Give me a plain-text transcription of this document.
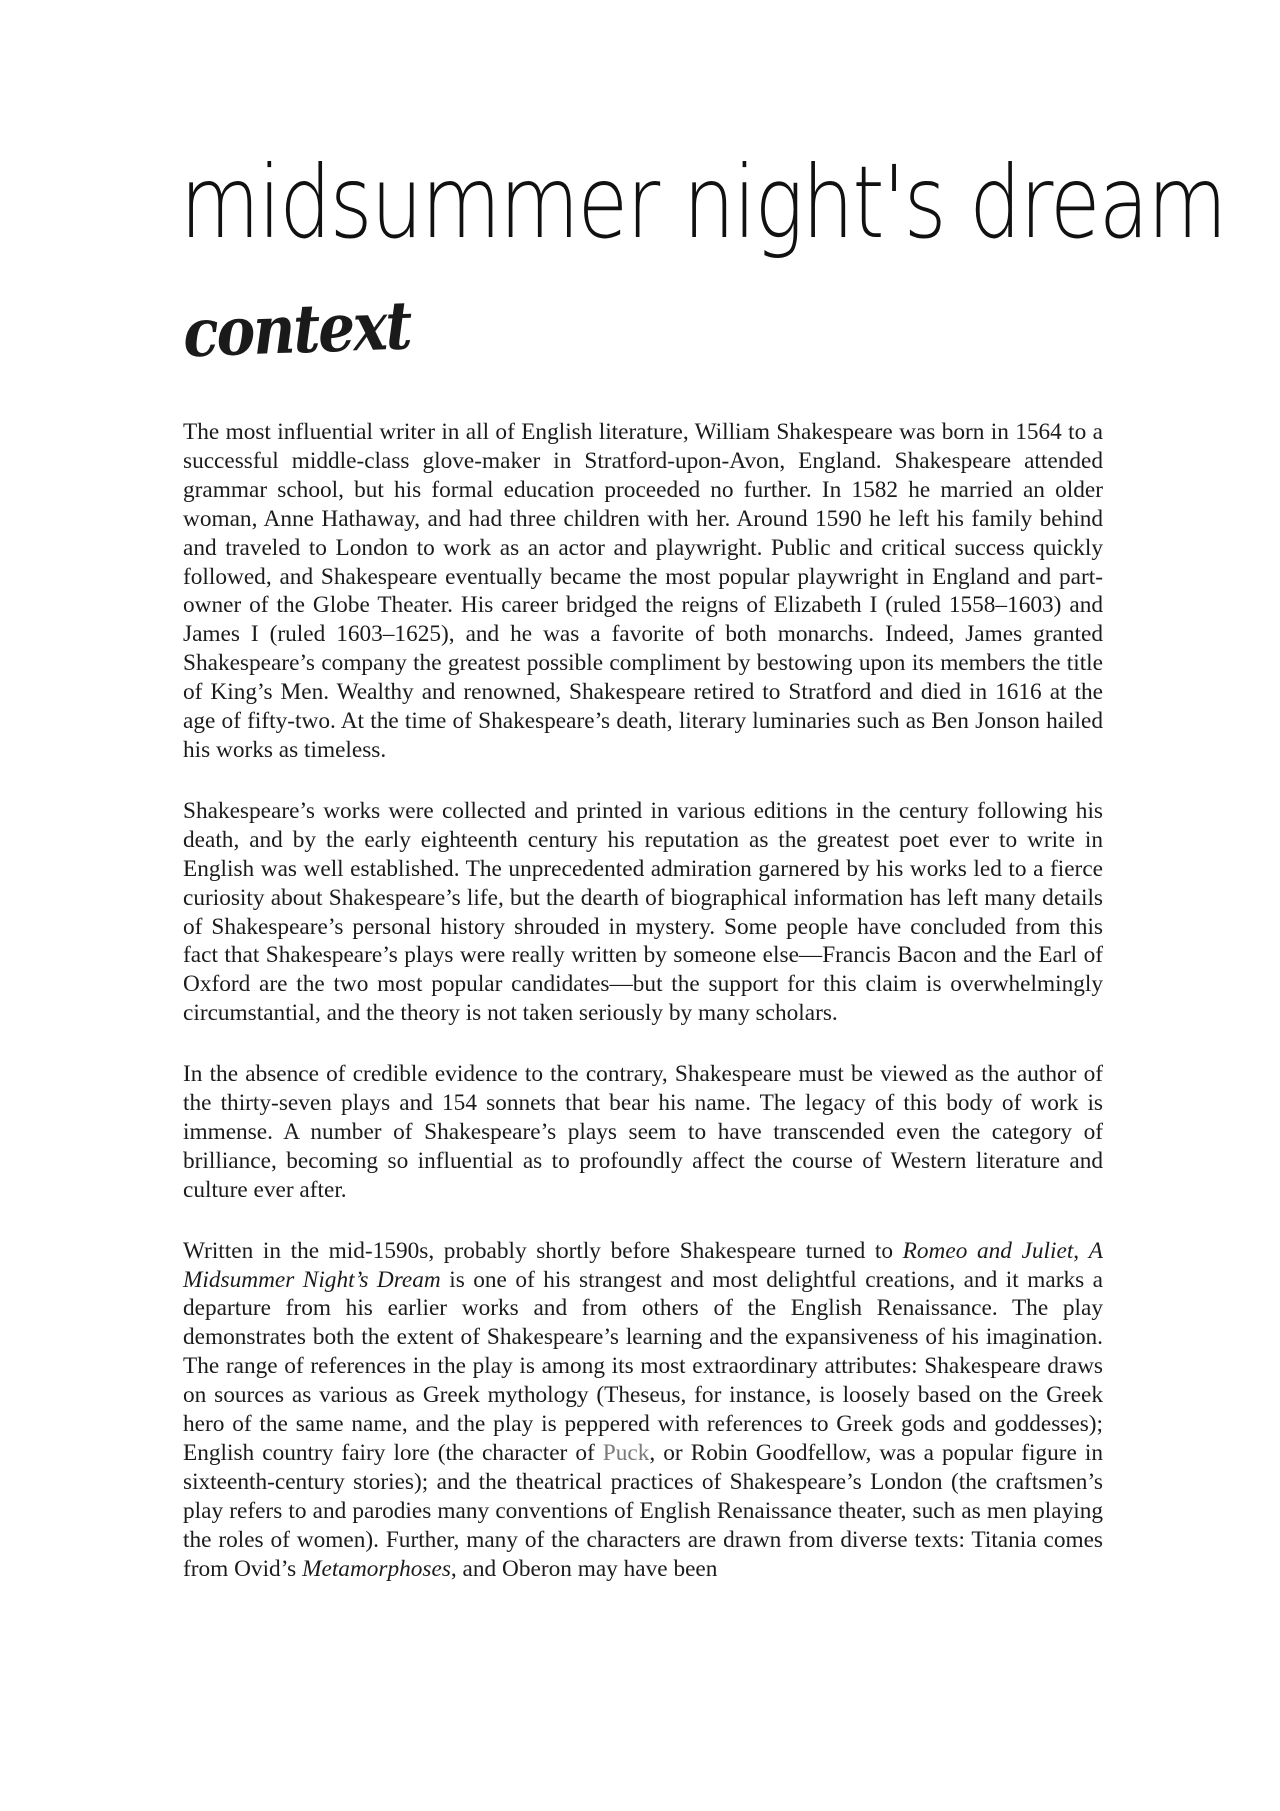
midsummer night's dream
context

The most influential writer in all of English literature, William Shakespeare was born in 1564 to a successful middle-class glove-maker in Stratford-upon-Avon, England. Shakespeare attended grammar school, but his formal education proceeded no further. In 1582 he married an older woman, Anne Hathaway, and had three children with her. Around 1590 he left his family behind and traveled to London to work as an actor and playwright. Public and critical success quickly followed, and Shakespeare eventually became the most popular playwright in England and part-owner of the Globe Theater. His career bridged the reigns of Elizabeth I (ruled 1558–1603) and James I (ruled 1603–1625), and he was a favorite of both monarchs. Indeed, James granted Shakespeare’s company the greatest possible compliment by bestowing upon its members the title of King’s Men. Wealthy and renowned, Shakespeare retired to Stratford and died in 1616 at the age of fifty-two. At the time of Shakespeare’s death, literary luminaries such as Ben Jonson hailed his works as timeless.

Shakespeare’s works were collected and printed in various editions in the century following his death, and by the early eighteenth century his reputation as the greatest poet ever to write in English was well established. The unprecedented admiration garnered by his works led to a fierce curiosity about Shakespeare’s life, but the dearth of biographical information has left many details of Shakespeare’s personal history shrouded in mystery. Some people have concluded from this fact that Shakespeare’s plays were really written by someone else—Francis Bacon and the Earl of Oxford are the two most popular candidates—but the support for this claim is overwhelmingly circumstantial, and the theory is not taken seriously by many scholars.

In the absence of credible evidence to the contrary, Shakespeare must be viewed as the author of the thirty-seven plays and 154 sonnets that bear his name. The legacy of this body of work is immense. A number of Shakespeare’s plays seem to have transcended even the category of brilliance, becoming so influential as to profoundly affect the course of Western literature and culture ever after.

Written in the mid-1590s, probably shortly before Shakespeare turned to Romeo and Juliet, A Midsummer Night’s Dream is one of his strangest and most delightful creations, and it marks a departure from his earlier works and from others of the English Renaissance. The play demonstrates both the extent of Shakespeare’s learning and the expansiveness of his imagination. The range of references in the play is among its most extraordinary attributes: Shakespeare draws on sources as various as Greek mythology (Theseus, for instance, is loosely based on the Greek hero of the same name, and the play is peppered with references to Greek gods and goddesses); English country fairy lore (the character of Puck, or Robin Goodfellow, was a popular figure in sixteenth-century stories); and the theatrical practices of Shakespeare’s London (the craftsmen’s play refers to and parodies many conventions of English Renaissance theater, such as men playing the roles of women). Further, many of the characters are drawn from diverse texts: Titania comes from Ovid’s Metamorphoses, and Oberon may have been
